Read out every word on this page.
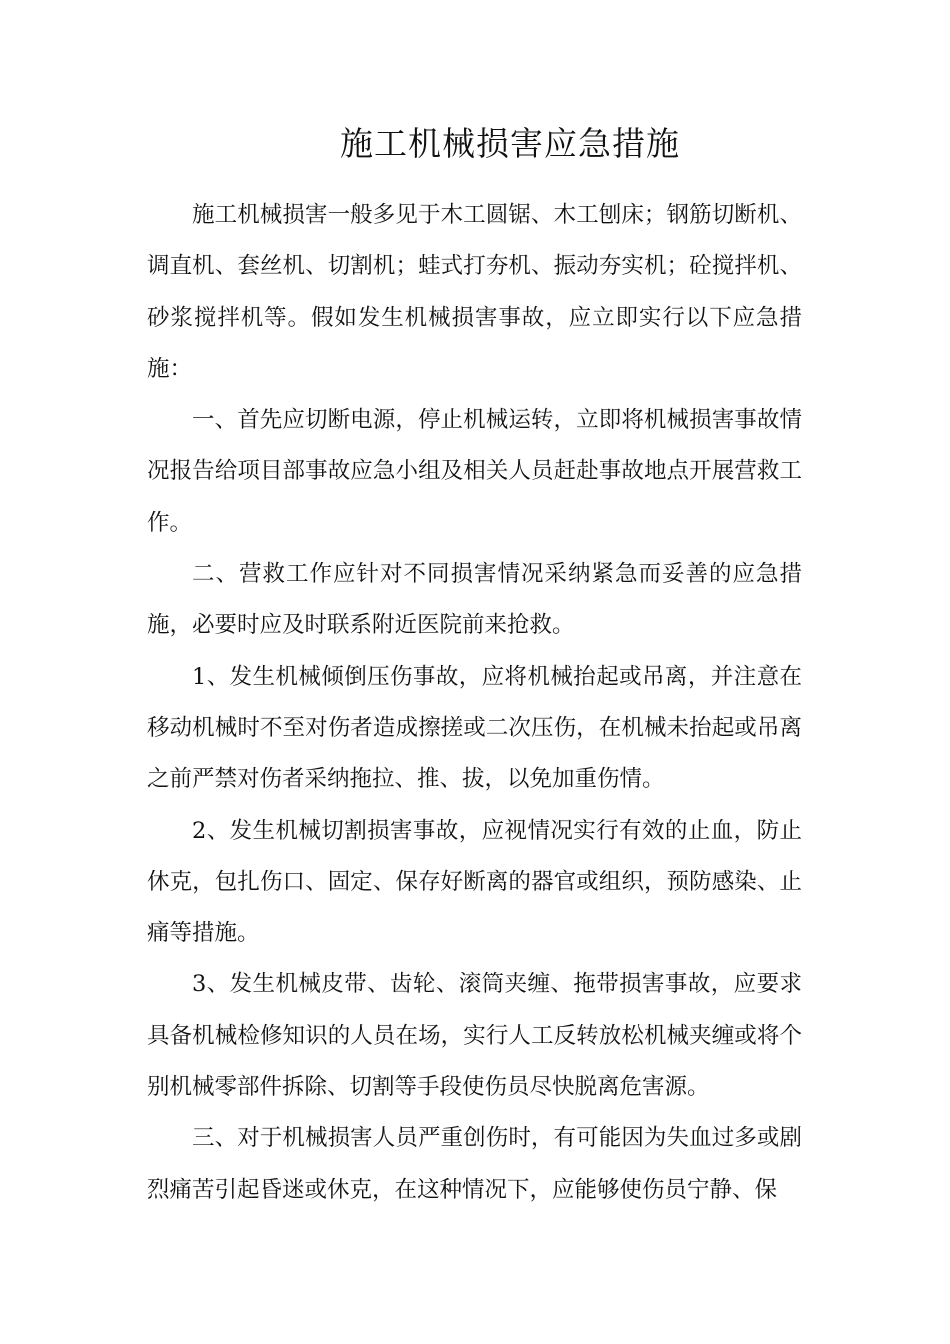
施工机械损害应急措施

施工机械损害一般多见于木工圆锯、木工刨床；钢筋切断机、调直机、套丝机、切割机；蛙式打夯机、振动夯实机；砼搅拌机、砂浆搅拌机等。假如发生机械损害事故，应立即实行以下应急措施：

一、首先应切断电源，停止机械运转，立即将机械损害事故情况报告给项目部事故应急小组及相关人员赶赴事故地点开展营救工作。

二、营救工作应针对不同损害情况采纳紧急而妥善的应急措施，必要时应及时联系附近医院前来抢救。

1、发生机械倾倒压伤事故，应将机械抬起或吊离，并注意在移动机械时不至对伤者造成擦搓或二次压伤，在机械未抬起或吊离之前严禁对伤者采纳拖拉、推、拔，以免加重伤情。

2、发生机械切割损害事故，应视情况实行有效的止血，防止休克，包扎伤口、固定、保存好断离的器官或组织，预防感染、止痛等措施。

3、发生机械皮带、齿轮、滚筒夹缠、拖带损害事故，应要求具备机械检修知识的人员在场，实行人工反转放松机械夹缠或将个别机械零部件拆除、切割等手段使伤员尽快脱离危害源。

三、对于机械损害人员严重创伤时，有可能因为失血过多或剧烈痛苦引起昏迷或休克，在这种情况下，应能够使伤员宁静、保
